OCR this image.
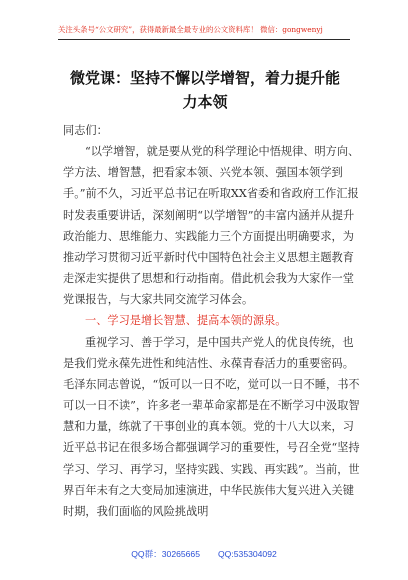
关注头条号“公文研究”，获得最新最全最专业的公文资料库！ 微信：gongwenyj
微党课：坚持不懈以学增智，着力提升能
力本领

同志们：

“以学增智，就是要从党的科学理论中悟规律、明方向、学方法、增智慧，把看家本领、兴党本领、强国本领学到手。”前不久，习近平总书记在听取XX省委和省政府工作汇报时发表重要讲话，深刻阐明“以学增智”的丰富内涵并从提升政治能力、思维能力、实践能力三个方面提出明确要求，为推动学习贯彻习近平新时代中国特色社会主义思想主题教育走深走实提供了思想和行动指南。借此机会我为大家作一堂党课报告，与大家共同交流学习体会。

一、学习是增长智慧、提高本领的源泉。

重视学习、善于学习，是中国共产党人的优良传统，也是我们党永葆先进性和纯洁性、永葆青春活力的重要密码。毛泽东同志曾说，“饭可以一日不吃，觉可以一日不睡，书不可以一日不读”，许多老一辈革命家都是在不断学习中汲取智慧和力量，练就了干事创业的真本领。党的十八大以来，习近平总书记在很多场合都强调学习的重要性，号召全党“坚持学习、学习、再学习，坚持实践、实践、再实践”。当前，世界百年未有之大变局加速演进，中华民族伟大复兴进入关键时期，我们面临的风险挑战明

QQ群：30265665 QQ:535304092
